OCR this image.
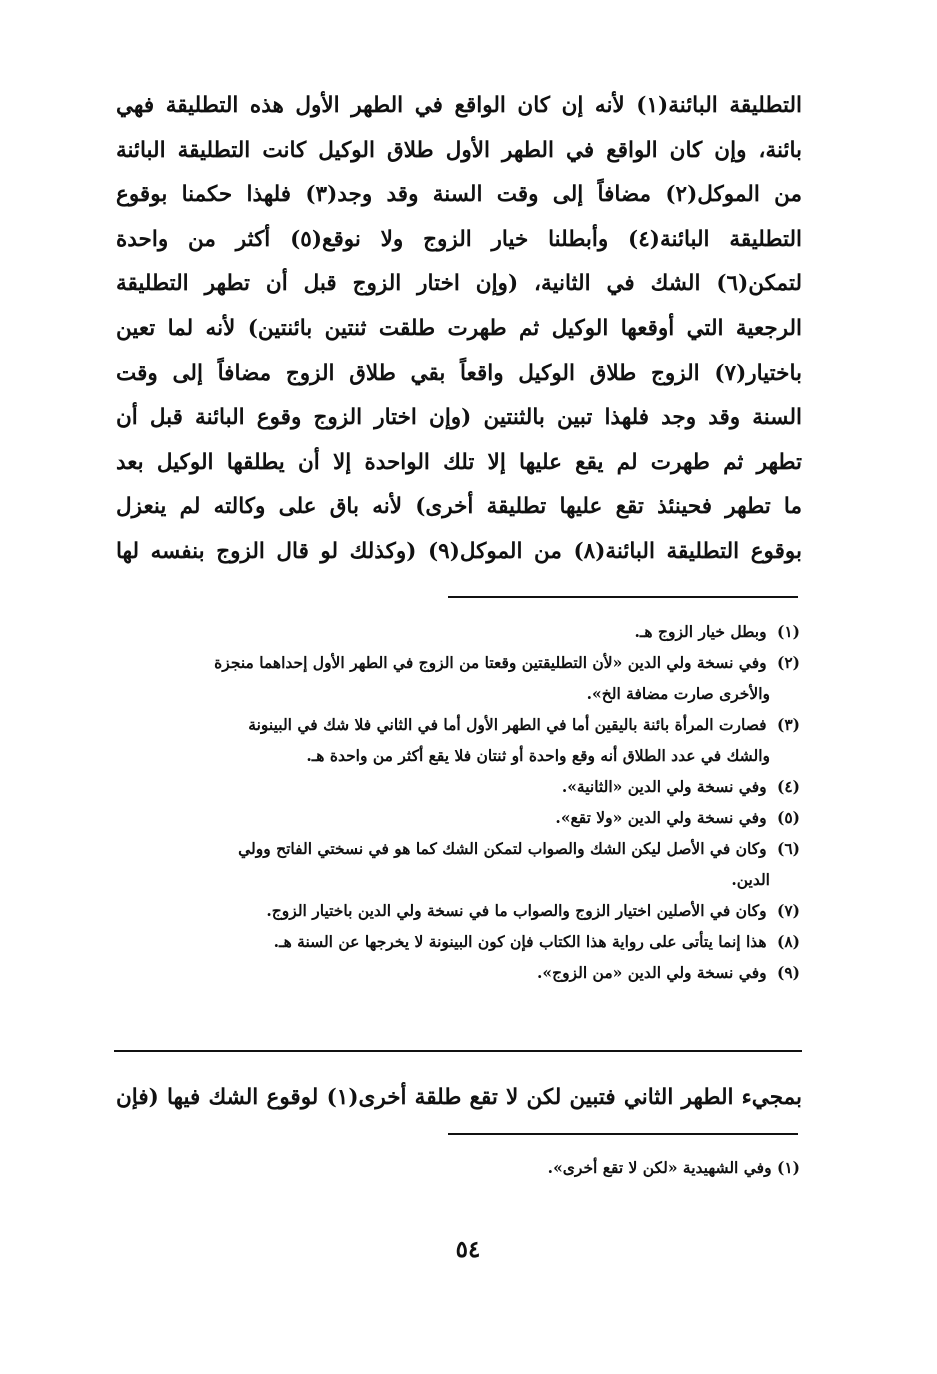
التطليقة البائنة(١) لأنه إن كان الواقع في الطهر الأول هذه التطليقة فهي
بائنة، وإن كان الواقع في الطهر الأول طلاق الوكيل كانت التطليقة البائنة
من الموكل(٢) مضافاً إلى وقت السنة وقد وجد(٣) فلهذا حكمنا بوقوع
التطليقة البائنة(٤) وأبطلنا خيار الزوج ولا نوقع(٥) أكثر من واحدة
لتمكن(٦) الشك في الثانية، (وإن اختار الزوج قبل أن تطهر التطليقة
الرجعية التي أوقعها الوكيل ثم طهرت طلقت ثنتين بائنتين) لأنه لما تعين
باختيار(٧) الزوج طلاق الوكيل واقعاً بقي طلاق الزوج مضافاً إلى وقت
السنة وقد وجد فلهذا تبين بالثنتين (وإن اختار الزوج وقوع البائنة قبل أن
تطهر ثم طهرت لم يقع عليها إلا تلك الواحدة إلا أن يطلقها الوكيل بعد
ما تطهر فحينئذ تقع عليها تطليقة أخرى) لأنه باق على وكالته لم ينعزل
بوقوع التطليقة البائنة(٨) من الموكل(٩) (وكذلك لو قال الزوج بنفسه لها
(١) وبطل خيار الزوج هـ.
(٢) وفي نسخة ولي الدين «لأن التطليقتين وقعتا من الزوج في الطهر الأول إحداهما منجزة
والأخرى صارت مضافة الخ».
(٣) فصارت المرأة بائنة باليقين أما في الطهر الأول أما في الثاني فلا شك في البينونة
والشك في عدد الطلاق أنه وقع واحدة أو ثنتان فلا يقع أكثر من واحدة هـ.
(٤) وفي نسخة ولي الدين «الثانية».
(٥) وفي نسخة ولي الدين «ولا تقع».
(٦) وكان في الأصل ليكن الشك والصواب لتمكن الشك كما هو في نسختي الفاتح وولي
الدين.
(٧) وكان في الأصلين اختيار الزوج والصواب ما في نسخة ولي الدين باختيار الزوج.
(٨) هذا إنما يتأتى على رواية هذا الكتاب فإن كون البينونة لا يخرجها عن السنة هـ.
(٩) وفي نسخة ولي الدين «من الزوج».
بمجيء الطهر الثاني فتبين لكن لا تقع طلقة أخرى(١) لوقوع الشك فيها (فإن
(١) وفي الشهيدية «لكن لا تقع أخرى».
٥٤
